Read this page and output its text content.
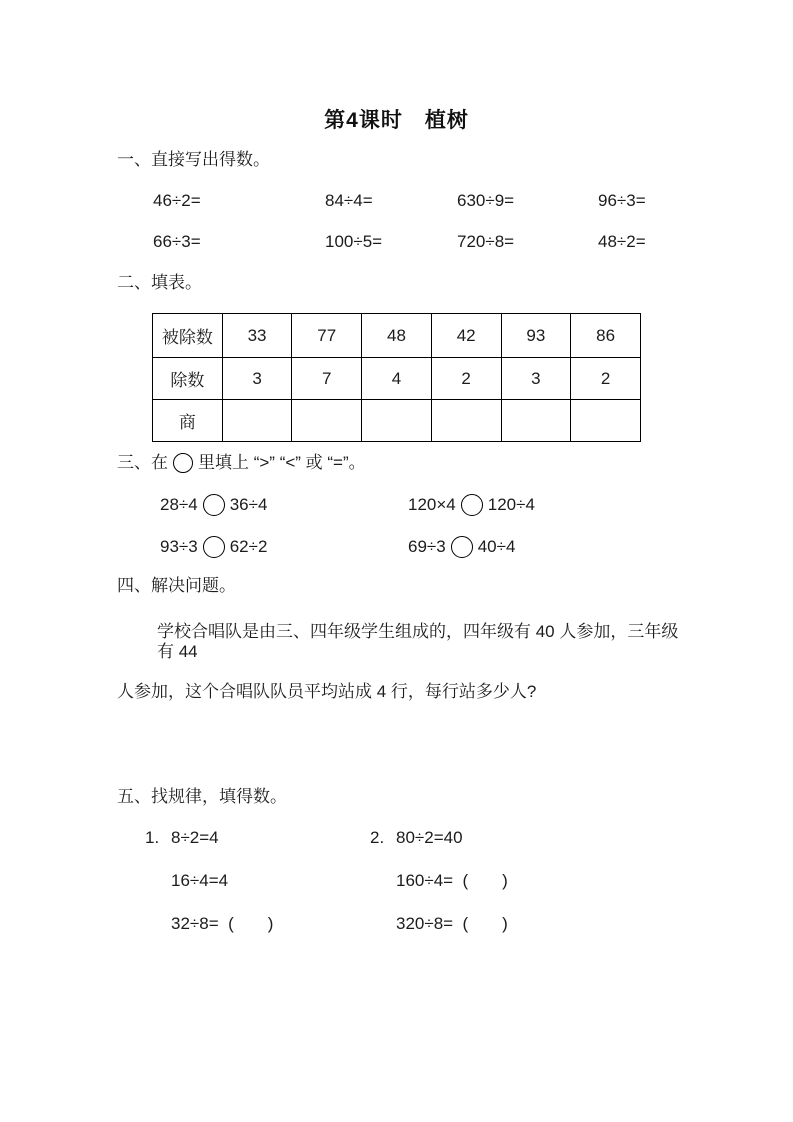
第4课时　植树
一、直接写出得数。
46÷2=	84÷4=	630÷9=	96÷3=
66÷3=	100÷5=	720÷8=	48÷2=
二、填表。
被除数	33	77	48	42	93	86
除数	3	7	4	2	3	2
商						
三、在 里填上 “>” “<” 或 “=”。
28÷4 36÷4	120×4 120÷4
93÷3 62÷2	69÷3 40÷4
四、解决问题。
学校合唱队是由三、四年级学生组成的，四年级有 40 人参加，三年级有 44
人参加，这个合唱队队员平均站成 4 行，每行站多少人?
五、找规律，填得数。
1. 8÷2=4
16÷4=4
32÷8=  (　　)
2. 80÷2=40
160÷4=  (　　)
320÷8=  (　　)
